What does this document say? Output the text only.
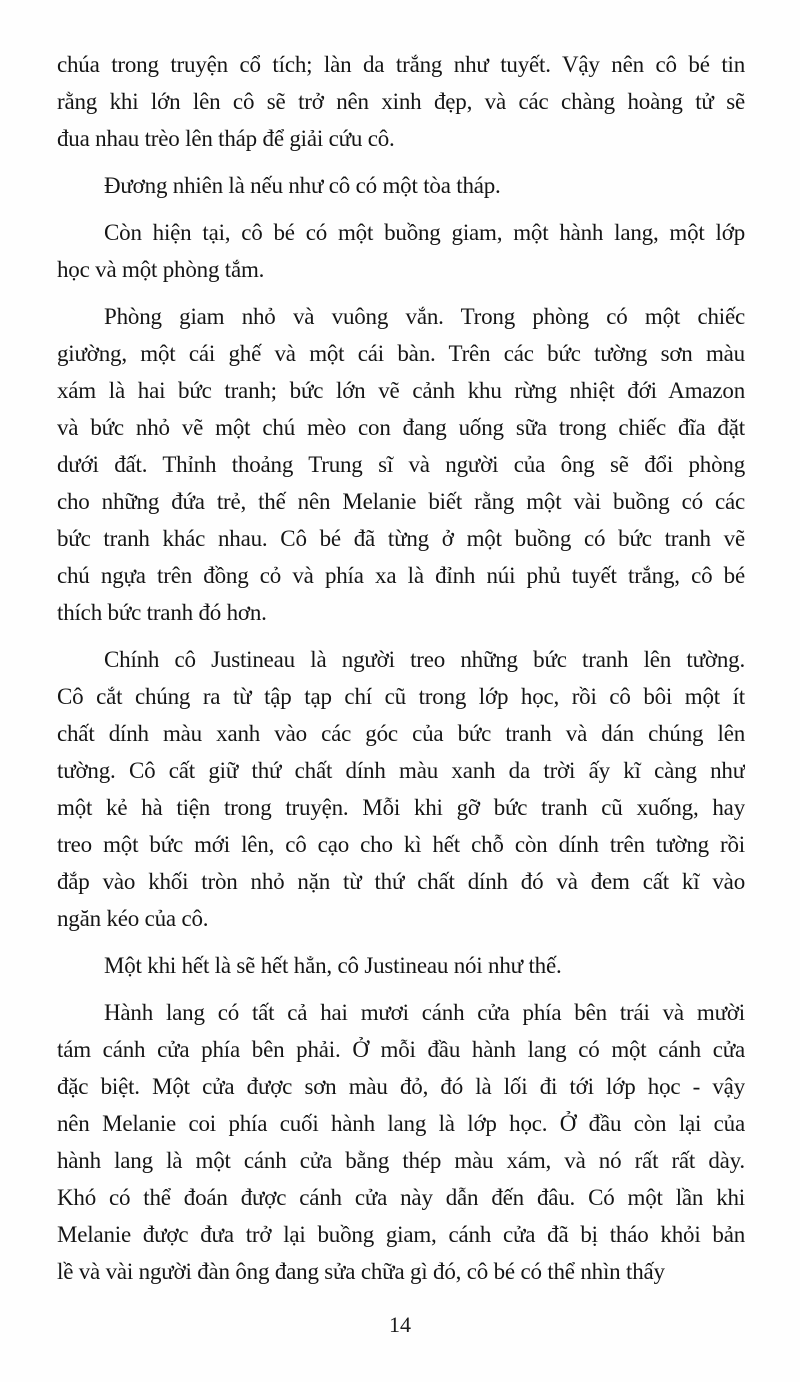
chúa trong truyện cổ tích; làn da trắng như tuyết. Vậy nên cô bé tin
rằng khi lớn lên cô sẽ trở nên xinh đẹp, và các chàng hoàng tử sẽ
đua nhau trèo lên tháp để giải cứu cô.
Đương nhiên là nếu như cô có một tòa tháp.
Còn hiện tại, cô bé có một buồng giam, một hành lang, một lớp
học và một phòng tắm.
Phòng giam nhỏ và vuông vắn. Trong phòng có một chiếc
giường, một cái ghế và một cái bàn. Trên các bức tường sơn màu
xám là hai bức tranh; bức lớn vẽ cảnh khu rừng nhiệt đới Amazon
và bức nhỏ vẽ một chú mèo con đang uống sữa trong chiếc đĩa đặt
dưới đất. Thỉnh thoảng Trung sĩ và người của ông sẽ đổi phòng
cho những đứa trẻ, thế nên Melanie biết rằng một vài buồng có các
bức tranh khác nhau. Cô bé đã từng ở một buồng có bức tranh vẽ
chú ngựa trên đồng cỏ và phía xa là đỉnh núi phủ tuyết trắng, cô bé
thích bức tranh đó hơn.
Chính cô Justineau là người treo những bức tranh lên tường.
Cô cắt chúng ra từ tập tạp chí cũ trong lớp học, rồi cô bôi một ít
chất dính màu xanh vào các góc của bức tranh và dán chúng lên
tường. Cô cất giữ thứ chất dính màu xanh da trời ấy kĩ càng như
một kẻ hà tiện trong truyện. Mỗi khi gỡ bức tranh cũ xuống, hay
treo một bức mới lên, cô cạo cho kì hết chỗ còn dính trên tường rồi
đắp vào khối tròn nhỏ nặn từ thứ chất dính đó và đem cất kĩ vào
ngăn kéo của cô.
Một khi hết là sẽ hết hẳn, cô Justineau nói như thế.
Hành lang có tất cả hai mươi cánh cửa phía bên trái và mười
tám cánh cửa phía bên phải. Ở mỗi đầu hành lang có một cánh cửa
đặc biệt. Một cửa được sơn màu đỏ, đó là lối đi tới lớp học - vậy
nên Melanie coi phía cuối hành lang là lớp học. Ở đầu còn lại của
hành lang là một cánh cửa bằng thép màu xám, và nó rất rất dày.
Khó có thể đoán được cánh cửa này dẫn đến đâu. Có một lần khi
Melanie được đưa trở lại buồng giam, cánh cửa đã bị tháo khỏi bản
lề và vài người đàn ông đang sửa chữa gì đó, cô bé có thể nhìn thấy
14
